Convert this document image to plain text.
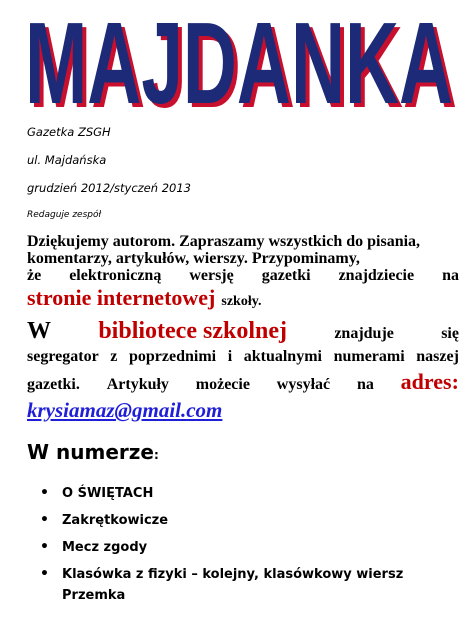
MAJDANKA
MAJDANKA
Gazetka ZSGH
ul. Majdańska
grudzień 2012/styczeń 2013
Redaguje zespół
Dziękujemy autorom. Zapraszamy wszystkich do pisania,
komentarzy, artykułów, wierszy. Przypominamy,
że elektroniczną wersję gazetki znajdziecie na
stronie internetowej szkoły.
W bibliotece szkolnej	znajduje	się
segregator z poprzednimi i aktualnymi numerami naszej
gazetki. Artykuły możecie wysyłać na adres:
krysiamaz@gmail.com
W numerze:
• O ŚWIĘTACH
• Zakrętkowicze
• Mecz zgody
• Klasówka z fizyki – kolejny, klasówkowy wiersz Przemka
